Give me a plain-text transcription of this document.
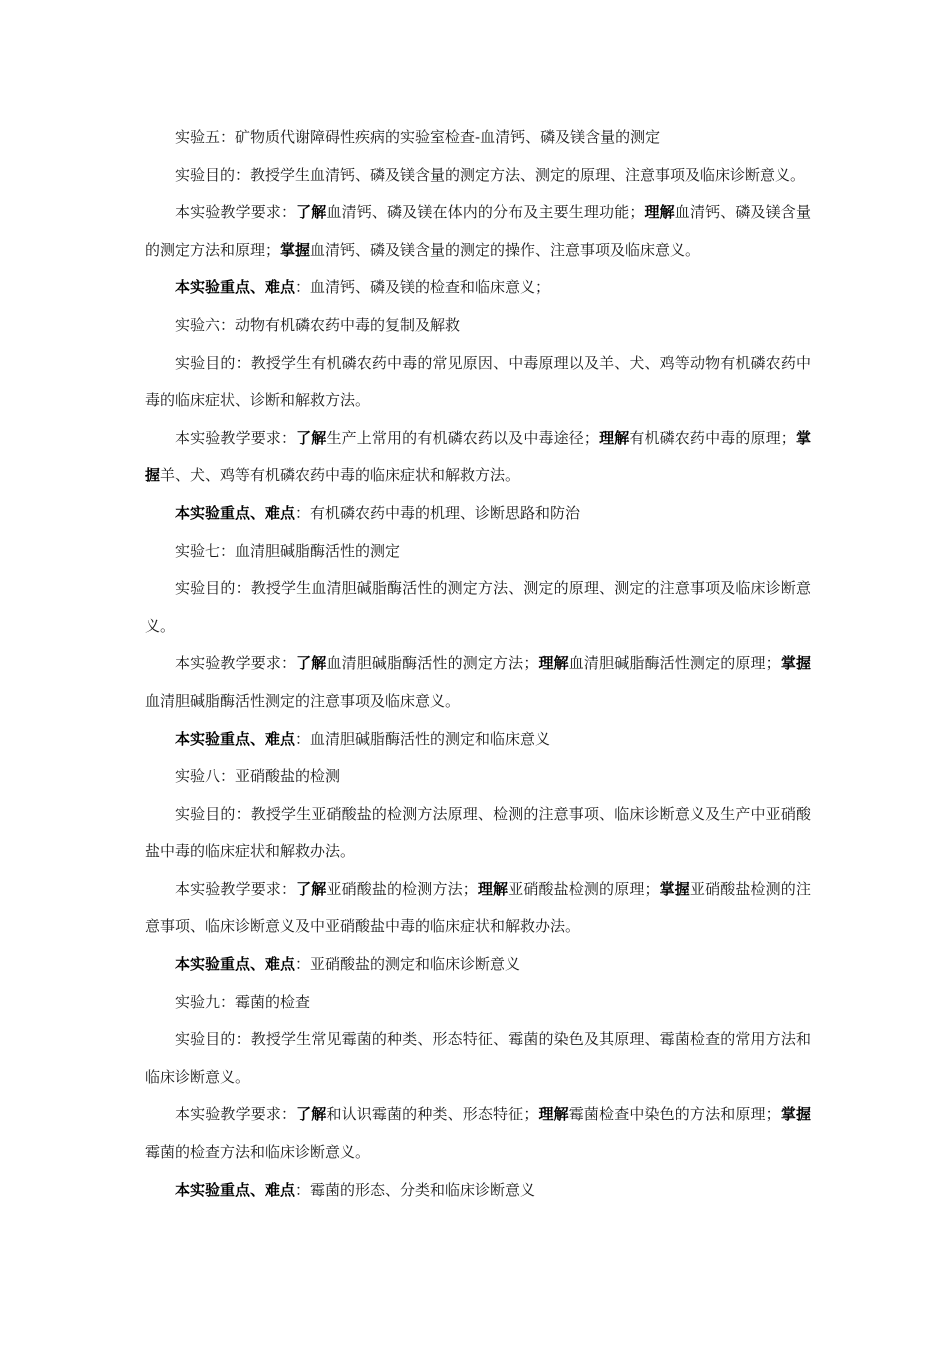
实验五：矿物质代谢障碍性疾病的实验室检查-血清钙、磷及镁含量的测定

实验目的：教授学生血清钙、磷及镁含量的测定方法、测定的原理、注意事项及临床诊断意义。

本实验教学要求：了解血清钙、磷及镁在体内的分布及主要生理功能；理解血清钙、磷及镁含量的测定方法和原理；掌握血清钙、磷及镁含量的测定的操作、注意事项及临床意义。

本实验重点、难点：血清钙、磷及镁的检查和临床意义；

实验六：动物有机磷农药中毒的复制及解救

实验目的：教授学生有机磷农药中毒的常见原因、中毒原理以及羊、犬、鸡等动物有机磷农药中毒的临床症状、诊断和解救方法。

本实验教学要求：了解生产上常用的有机磷农药以及中毒途径；理解有机磷农药中毒的原理；掌握羊、犬、鸡等有机磷农药中毒的临床症状和解救方法。

本实验重点、难点：有机磷农药中毒的机理、诊断思路和防治

实验七：血清胆碱脂酶活性的测定

实验目的：教授学生血清胆碱脂酶活性的测定方法、测定的原理、测定的注意事项及临床诊断意义。

本实验教学要求：了解血清胆碱脂酶活性的测定方法；理解血清胆碱脂酶活性测定的原理；掌握血清胆碱脂酶活性测定的注意事项及临床意义。

本实验重点、难点：血清胆碱脂酶活性的测定和临床意义

实验八：亚硝酸盐的检测

实验目的：教授学生亚硝酸盐的检测方法原理、检测的注意事项、临床诊断意义及生产中亚硝酸盐中毒的临床症状和解救办法。

本实验教学要求：了解亚硝酸盐的检测方法；理解亚硝酸盐检测的原理；掌握亚硝酸盐检测的注意事项、临床诊断意义及中亚硝酸盐中毒的临床症状和解救办法。

本实验重点、难点：亚硝酸盐的测定和临床诊断意义

实验九：霉菌的检查

实验目的：教授学生常见霉菌的种类、形态特征、霉菌的染色及其原理、霉菌检查的常用方法和临床诊断意义。

本实验教学要求：了解和认识霉菌的种类、形态特征；理解霉菌检查中染色的方法和原理；掌握霉菌的检查方法和临床诊断意义。

本实验重点、难点：霉菌的形态、分类和临床诊断意义
